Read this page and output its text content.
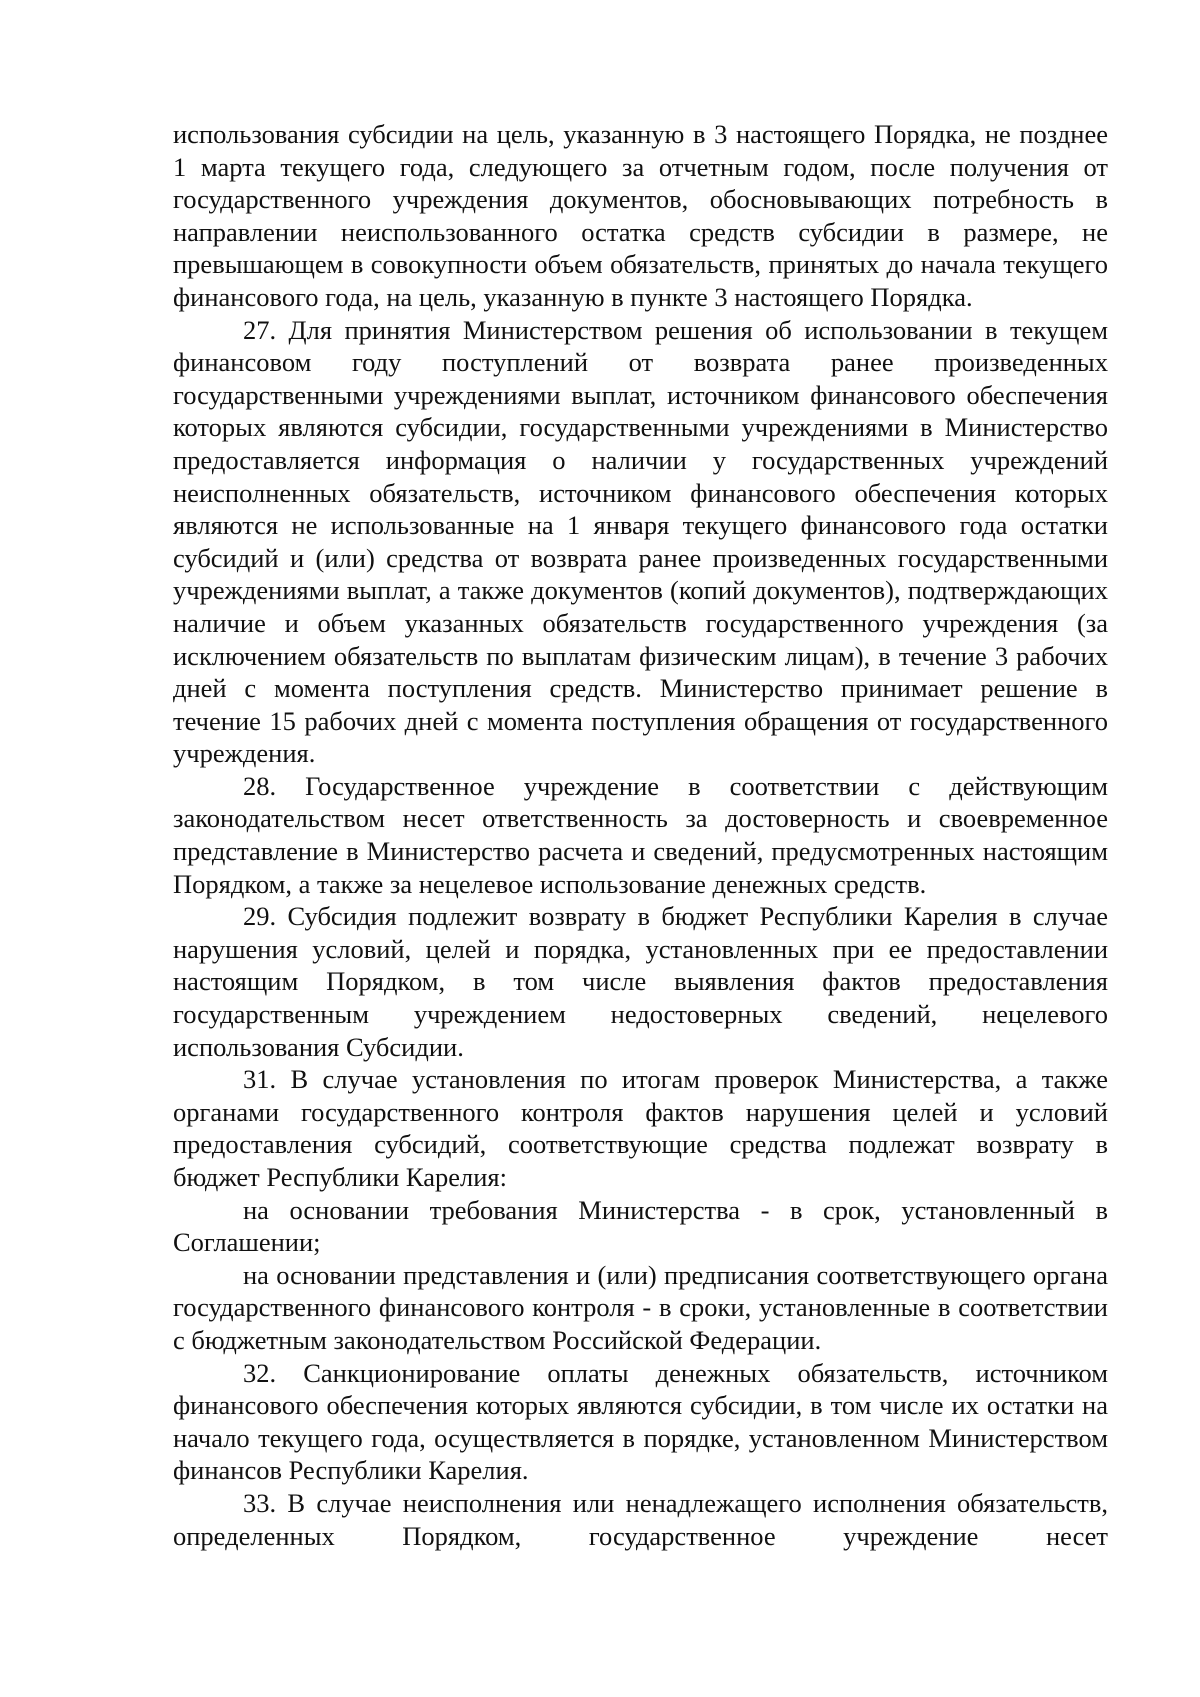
использования субсидии на цель, указанную в 3 настоящего Порядка, не позднее 1 марта текущего года, следующего за отчетным годом, после получения от государственного учреждения документов, обосновывающих потребность в направлении неиспользованного остатка средств субсидии в размере, не превышающем в совокупности объем обязательств, принятых до начала текущего финансового года, на цель, указанную в пункте 3 настоящего Порядка.

27. Для принятия Министерством решения об использовании в текущем финансовом году поступлений от возврата ранее произведенных государственными учреждениями выплат, источником финансового обеспечения которых являются субсидии, государственными учреждениями в Министерство предоставляется информация о наличии у государственных учреждений неисполненных обязательств, источником финансового обеспечения которых являются не использованные на 1 января текущего финансового года остатки субсидий и (или) средства от возврата ранее произведенных государственными учреждениями выплат, а также документов (копий документов), подтверждающих наличие и объем указанных обязательств государственного учреждения (за исключением обязательств по выплатам физическим лицам), в течение 3 рабочих дней с момента поступления средств. Министерство принимает решение в течение 15 рабочих дней с момента поступления обращения от государственного учреждения.

28. Государственное учреждение в соответствии с действующим законодательством несет ответственность за достоверность и своевременное представление в Министерство расчета и сведений, предусмотренных настоящим Порядком, а также за нецелевое использование денежных средств.

29. Субсидия подлежит возврату в бюджет Республики Карелия в случае нарушения условий, целей и порядка, установленных при ее предоставлении настоящим Порядком, в том числе выявления фактов предоставления государственным учреждением недостоверных сведений, нецелевого использования Субсидии.

31. В случае установления по итогам проверок Министерства, а также органами государственного контроля фактов нарушения целей и условий предоставления субсидий, соответствующие средства подлежат возврату в бюджет Республики Карелия:

на основании требования Министерства - в срок, установленный в Соглашении;

на основании представления и (или) предписания соответствующего органа государственного финансового контроля - в сроки, установленные в соответствии с бюджетным законодательством Российской Федерации.

32. Санкционирование оплаты денежных обязательств, источником финансового обеспечения которых являются субсидии, в том числе их остатки на начало текущего года, осуществляется в порядке, установленном Министерством финансов Республики Карелия.

33. В случае неисполнения или ненадлежащего исполнения обязательств, определенных Порядком, государственное учреждение несет
